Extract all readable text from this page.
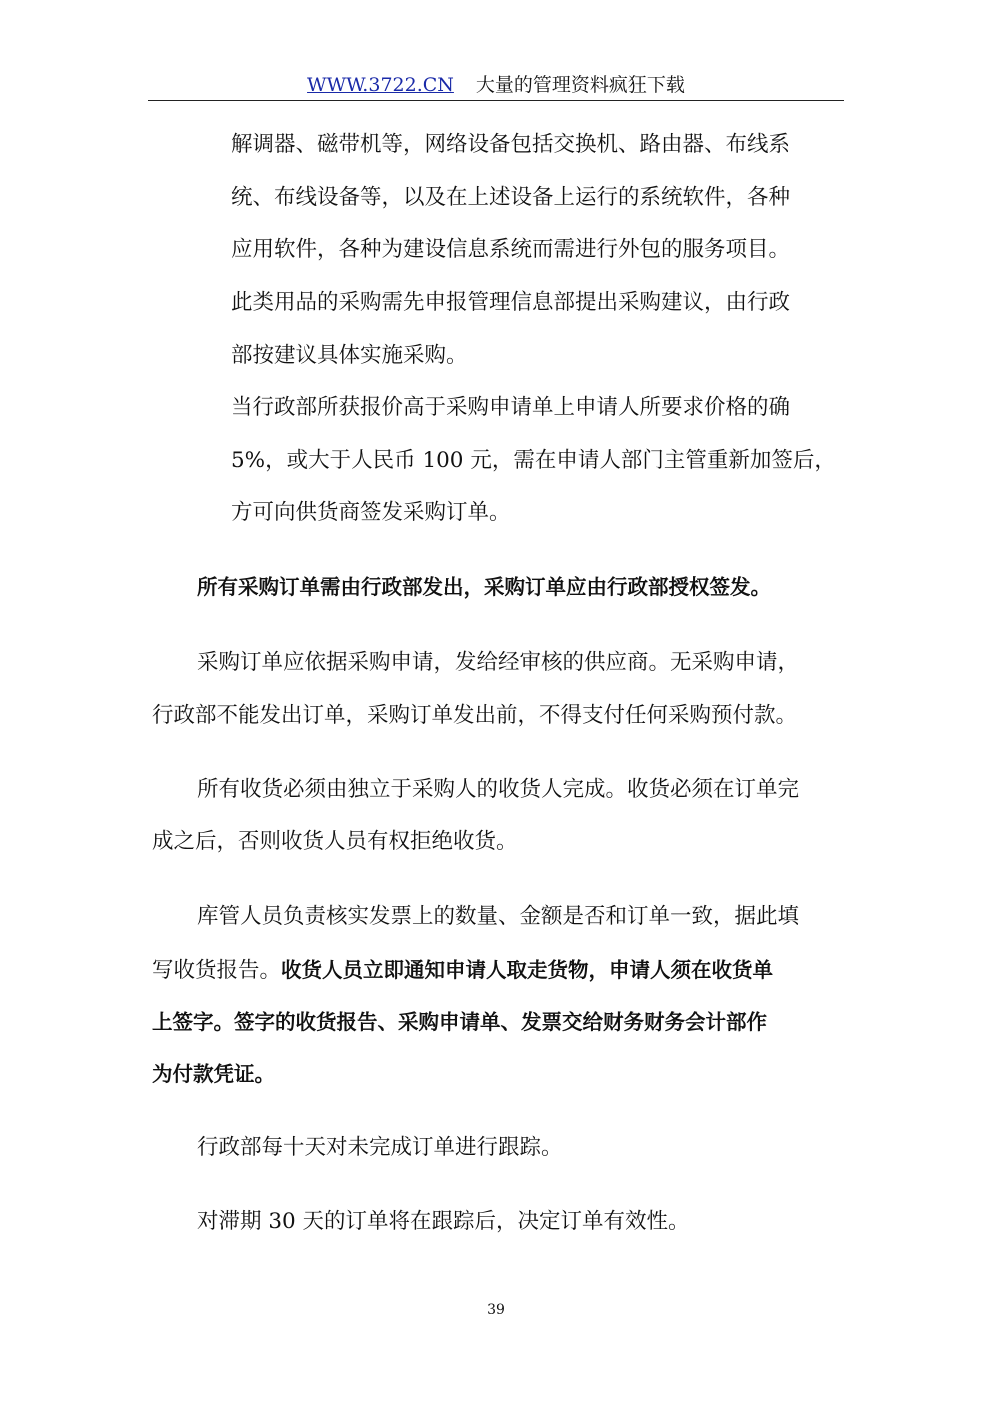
WWW.3722.CN 大量的管理资料疯狂下载
解调器、磁带机等，网络设备包括交换机、路由器、布线系
统、布线设备等，以及在上述设备上运行的系统软件，各种
应用软件，各种为建设信息系统而需进行外包的服务项目。
此类用品的采购需先申报管理信息部提出采购建议，由行政
部按建议具体实施采购。
当行政部所获报价高于采购申请单上申请人所要求价格的确
5%，或大于人民币 100 元，需在申请人部门主管重新加签后，
方可向供货商签发采购订单。
所有采购订单需由行政部发出，采购订单应由行政部授权签发。
采购订单应依据采购申请，发给经审核的供应商。无采购申请，
行政部不能发出订单，采购订单发出前，不得支付任何采购预付款。
所有收货必须由独立于采购人的收货人完成。收货必须在订单完
成之后，否则收货人员有权拒绝收货。
库管人员负责核实发票上的数量、金额是否和订单一致，据此填
写收货报告。收货人员立即通知申请人取走货物，申请人须在收货单
上签字。签字的收货报告、采购申请单、发票交给财务财务会计部作
为付款凭证。
行政部每十天对未完成订单进行跟踪。
对滞期 30 天的订单将在跟踪后，决定订单有效性。
39
